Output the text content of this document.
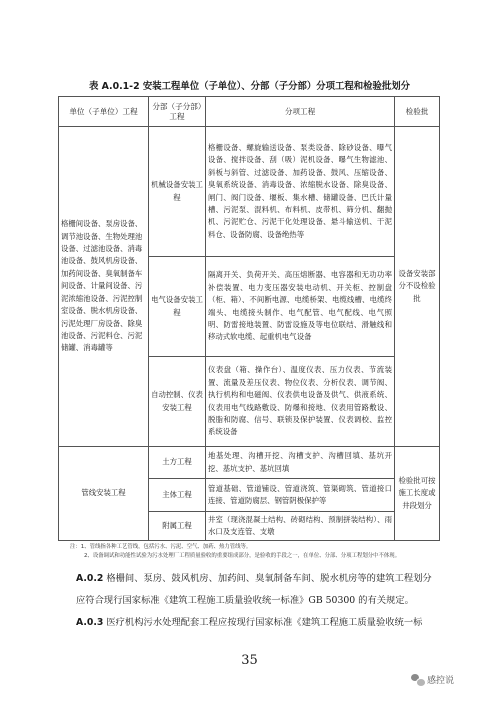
表 A.0.1-2 安装工程单位（子单位）、分部（子分部）分项工程和检验批划分
单位（子单位）工程	分部（子分部）工程	分项工程	检验批
格栅间设备、泵房设备、调节池设备、生物处理池设备、过滤池设备、消毒池设备、鼓风机房设备、加药间设备、臭氧制备车间设备、计量间设备、污泥浓缩池设备、污泥控制室设备、脱水机房设备、污泥处理厂房设备、除臭池设备、污泥料仓、污泥储罐、消毒罐等	机械设备安装工程	格栅设备、螺旋输送设备、泵类设备、除砂设备、曝气设备、搅拌设备、刮（吸）泥机设备、曝气生物滤池、斜板与斜管、过滤设备、加药设备、鼓风、压缩设备、臭氧系统设备、消毒设备、浓缩脱水设备、除臭设备、闸门、阀门设备、堰板、集水槽、储罐设备、巴氏计量槽、污泥泵、混料机、布料机、皮带机、筛分机、翻抛机、污泥贮仓、污泥干化处理设备、悬斗输送机、干泥料仓、设备防腐、设备绝热等	设备安装部分不设检验批
	电气设备安装工程	隔离开关、负荷开关、高压熔断器、电容器和无功功率补偿装置、电力变压器安装电动机、开关柜、控制盘（柜、箱）、不间断电源、电缆桥架、电缆线槽、电缆终端头、电缆接头制作、电气配管、电气配线、电气照明、防雷接地装置、防雷设施及等电位联结、滑触线和移动式软电缆、起重机电气设备	
	自动控制、仪表安装工程	仪表盘（箱、操作台）、温度仪表、压力仪表、节流装置、流量及差压仪表、物位仪表、分析仪表、调节阀、执行机构和电磁阀、仪表供电设备及供气、供液系统、仪表用电气线路敷设、防爆和接地、仪表用管路敷设、脱脂和防腐、信号、联锁及保护装置、仪表调校、监控系统设备	
管线安装工程	土方工程	地基处理、沟槽开挖、沟槽支护、沟槽回填、基坑开挖、基坑支护、基坑回填	检验批可按施工长度或井段划分
	主体工程	管道基础、管道铺设、管道浇筑、管渠砌筑、管道接口连接、管道防腐层、钢管阴极保护等	
	附属工程	井室（现浇混凝土结构、砖砌结构、预制拼装结构）、雨水口及支连管、支墩	
注：1、管线指各种工艺管线，包括污水、污泥、空气、加药、热力管线等。
2、设备调试和功能性试验为污水处理厂工程质量验收的重要组成部分，是验收的手段之一，在单位、分部、分项工程划分中不体现。
A.0.2 格栅间、泵房、鼓风机房、加药间、臭氧制备车间、脱水机房等的建筑工程划分
应符合现行国家标准《建筑工程施工质量验收统一标准》GB 50300 的有关规定。
A.0.3 医疗机构污水处理配套工程应按现行国家标准《建筑工程施工质量验收统一标
35
感控说
